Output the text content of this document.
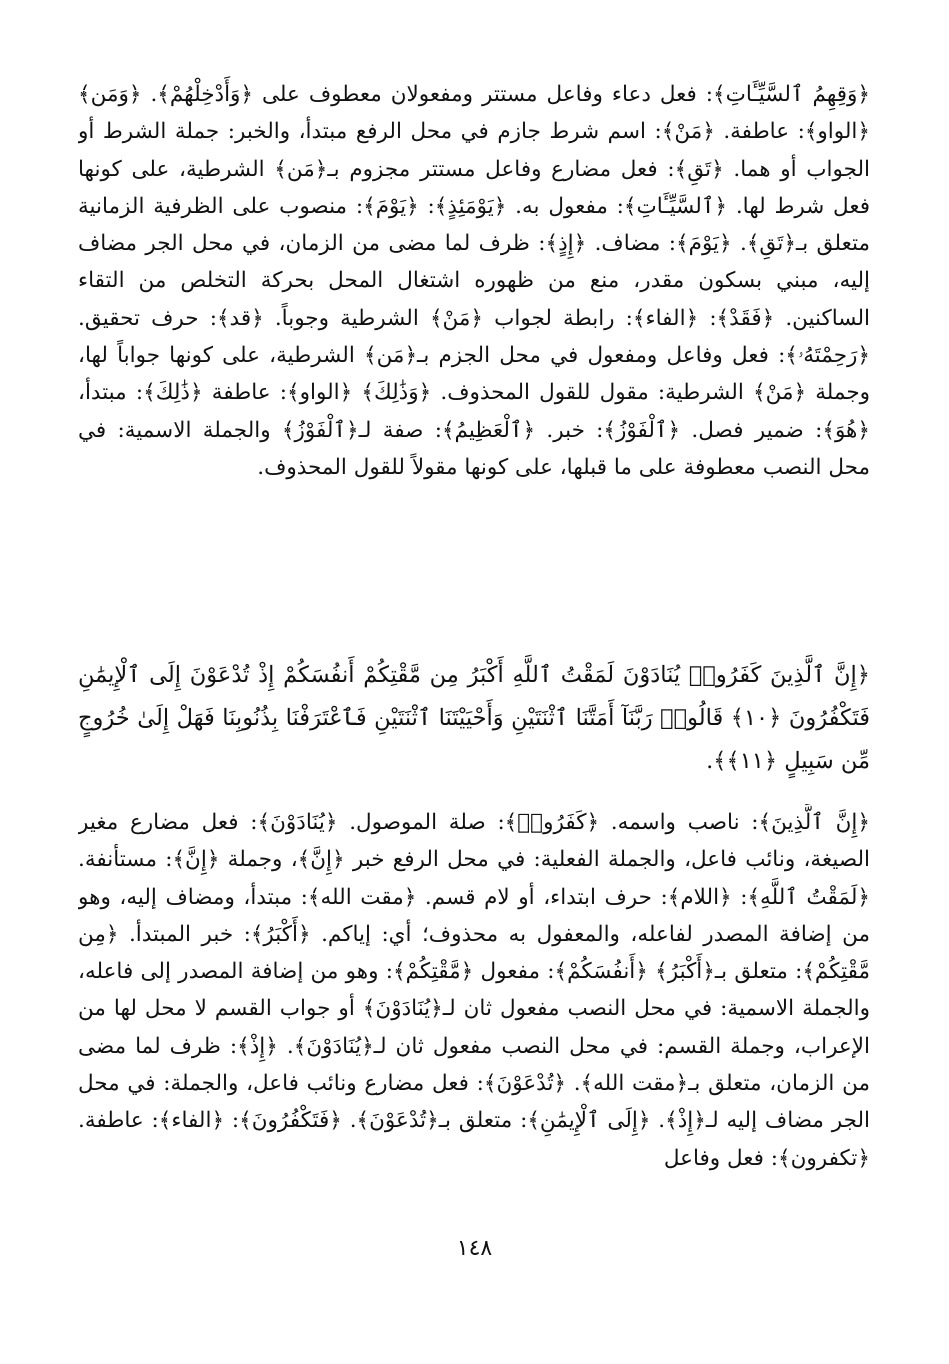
﴿وَقِهِمُ ٱلسَّيِّـَٔاتِ﴾: فعل دعاء وفاعل مستتر ومفعولان معطوف على ﴿وَأَدْخِلْهُمْ﴾. ﴿وَمَن﴾ ﴿الواو﴾: عاطفة. ﴿مَنْ﴾: اسم شرط جازم في محل الرفع مبتدأ، والخبر: جملة الشرط أو الجواب أو هما. ﴿تَقِ﴾: فعل مضارع وفاعل مستتر مجزوم بـ﴿مَن﴾ الشرطية، على كونها فعل شرط لها. ﴿ٱلسَّيِّـَٔاتِ﴾: مفعول به. ﴿يَوْمَئِذٍ﴾: ﴿يَوْمَ﴾: منصوب على الظرفية الزمانية متعلق بـ﴿تَقِ﴾. ﴿يَوْمَ﴾: مضاف. ﴿إِذٍ﴾: ظرف لما مضى من الزمان، في محل الجر مضاف إليه، مبني بسكون مقدر، منع من ظهوره اشتغال المحل بحركة التخلص من التقاء الساكنين. ﴿فَقَدْ﴾: ﴿الفاء﴾: رابطة لجواب ﴿مَنْ﴾ الشرطية وجوباً. ﴿قد﴾: حرف تحقيق. ﴿رَحِمْتَهُۥ﴾: فعل وفاعل ومفعول في محل الجزم بـ﴿مَن﴾ الشرطية، على كونها جواباً لها، وجملة ﴿مَنْ﴾ الشرطية: مقول للقول المحذوف. ﴿وَذَٰلِكَ﴾ ﴿الواو﴾: عاطفة ﴿ذَٰلِكَ﴾: مبتدأ، ﴿هُوَ﴾: ضمير فصل. ﴿ٱلْفَوْزُ﴾: خبر. ﴿ٱلْعَظِيمُ﴾: صفة لـ﴿ٱلْفَوْزُ﴾ والجملة الاسمية: في محل النصب معطوفة على ما قبلها، على كونها مقولاً للقول المحذوف.

﴿إِنَّ ٱلَّذِينَ كَفَرُوا۟ يُنَادَوْنَ لَمَقْتُ ٱللَّهِ أَكْبَرُ مِن مَّقْتِكُمْ أَنفُسَكُمْ إِذْ تُدْعَوْنَ إِلَى ٱلْإِيمَٰنِ فَتَكْفُرُونَ ﴿١٠﴾ قَالُوا۟ رَبَّنَآ أَمَتَّنَا ٱثْنَتَيْنِ وَأَحْيَيْتَنَا ٱثْنَتَيْنِ فَٱعْتَرَفْنَا بِذُنُوبِنَا فَهَلْ إِلَىٰ خُرُوجٍ مِّن سَبِيلٍ ﴿١١﴾﴾.

﴿إِنَّ ٱلَّذِينَ﴾: ناصب واسمه. ﴿كَفَرُوا۟﴾: صلة الموصول. ﴿يُنَادَوْنَ﴾: فعل مضارع مغير الصيغة، ونائب فاعل، والجملة الفعلية: في محل الرفع خبر ﴿إِنَّ﴾، وجملة ﴿إِنَّ﴾: مستأنفة. ﴿لَمَقْتُ ٱللَّهِ﴾: ﴿اللام﴾: حرف ابتداء، أو لام قسم. ﴿مقت الله﴾: مبتدأ، ومضاف إليه، وهو من إضافة المصدر لفاعله، والمعفول به محذوف؛ أي: إياكم. ﴿أَكْبَرُ﴾: خبر المبتدأ. ﴿مِن مَّقْتِكُمْ﴾: متعلق بـ﴿أَكْبَرُ﴾ ﴿أَنفُسَكُمْ﴾: مفعول ﴿مَّقْتِكُمْ﴾: وهو من إضافة المصدر إلى فاعله، والجملة الاسمية: في محل النصب مفعول ثان لـ﴿يُنَادَوْنَ﴾ أو جواب القسم لا محل لها من الإعراب، وجملة القسم: في محل النصب مفعول ثان لـ﴿يُنَادَوْنَ﴾. ﴿إِذْ﴾: ظرف لما مضى من الزمان، متعلق بـ﴿مقت الله﴾. ﴿تُدْعَوْنَ﴾: فعل مضارع ونائب فاعل، والجملة: في محل الجر مضاف إليه لـ﴿إِذْ﴾. ﴿إِلَى ٱلْإِيمَٰنِ﴾: متعلق بـ﴿تُدْعَوْنَ﴾. ﴿فَتَكْفُرُونَ﴾: ﴿الفاء﴾: عاطفة. ﴿تكفرون﴾: فعل وفاعل

١٤٨
